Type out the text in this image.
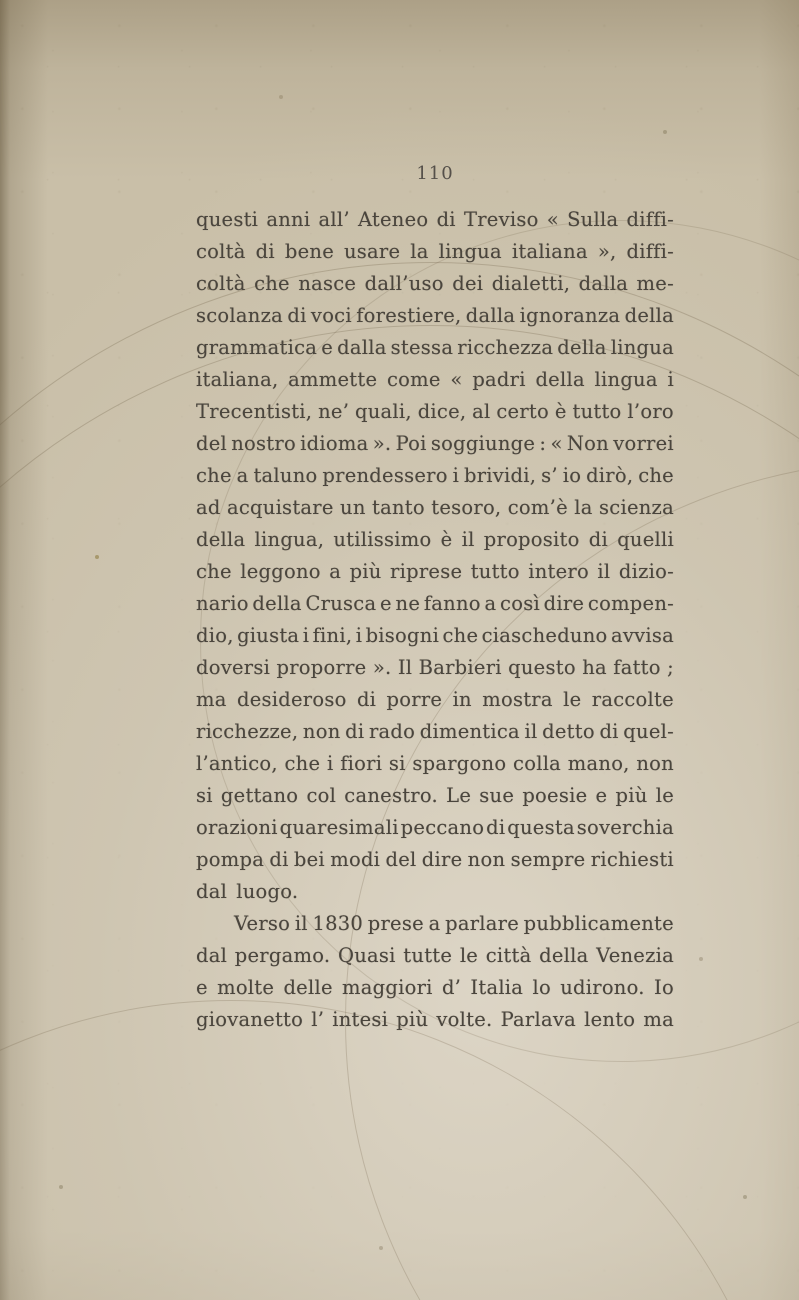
110
questi anni all’ Ateneo di Treviso « Sulla diffi-
coltà di bene usare la lingua italiana », diffi-
coltà che nasce dall’uso dei dialetti, dalla me-
scolanza di voci forestiere, dalla ignoranza della
grammatica e dalla stessa ricchezza della lingua
italiana, ammette come « padri della lingua i
Trecentisti, ne’ quali, dice, al certo è tutto l’oro
del nostro idioma ». Poi soggiunge : « Non vorrei
che a taluno prendessero i brividi, s’ io dirò, che
ad acquistare un tanto tesoro, com’è la scienza
della lingua, utilissimo è il proposito di quelli
che leggono a più riprese tutto intero il dizio-
nario della Crusca e ne fanno a così dire compen-
dio, giusta i fini, i bisogni che ciascheduno avvisa
doversi proporre ». Il Barbieri questo ha fatto ;
ma desideroso di porre in mostra le raccolte
ricchezze, non di rado dimentica il detto di quel-
l’antico, che i fiori si spargono colla mano, non
si gettano col canestro. Le sue poesie e più le
orazioni quaresimali peccano di questa soverchia
pompa di bei modi del dire non sempre richiesti
dal luogo.
Verso il 1830 prese a parlare pubblicamente
dal pergamo. Quasi tutte le città della Venezia
e molte delle maggiori d’ Italia lo udirono. Io
giovanetto l’ intesi più volte. Parlava lento ma
